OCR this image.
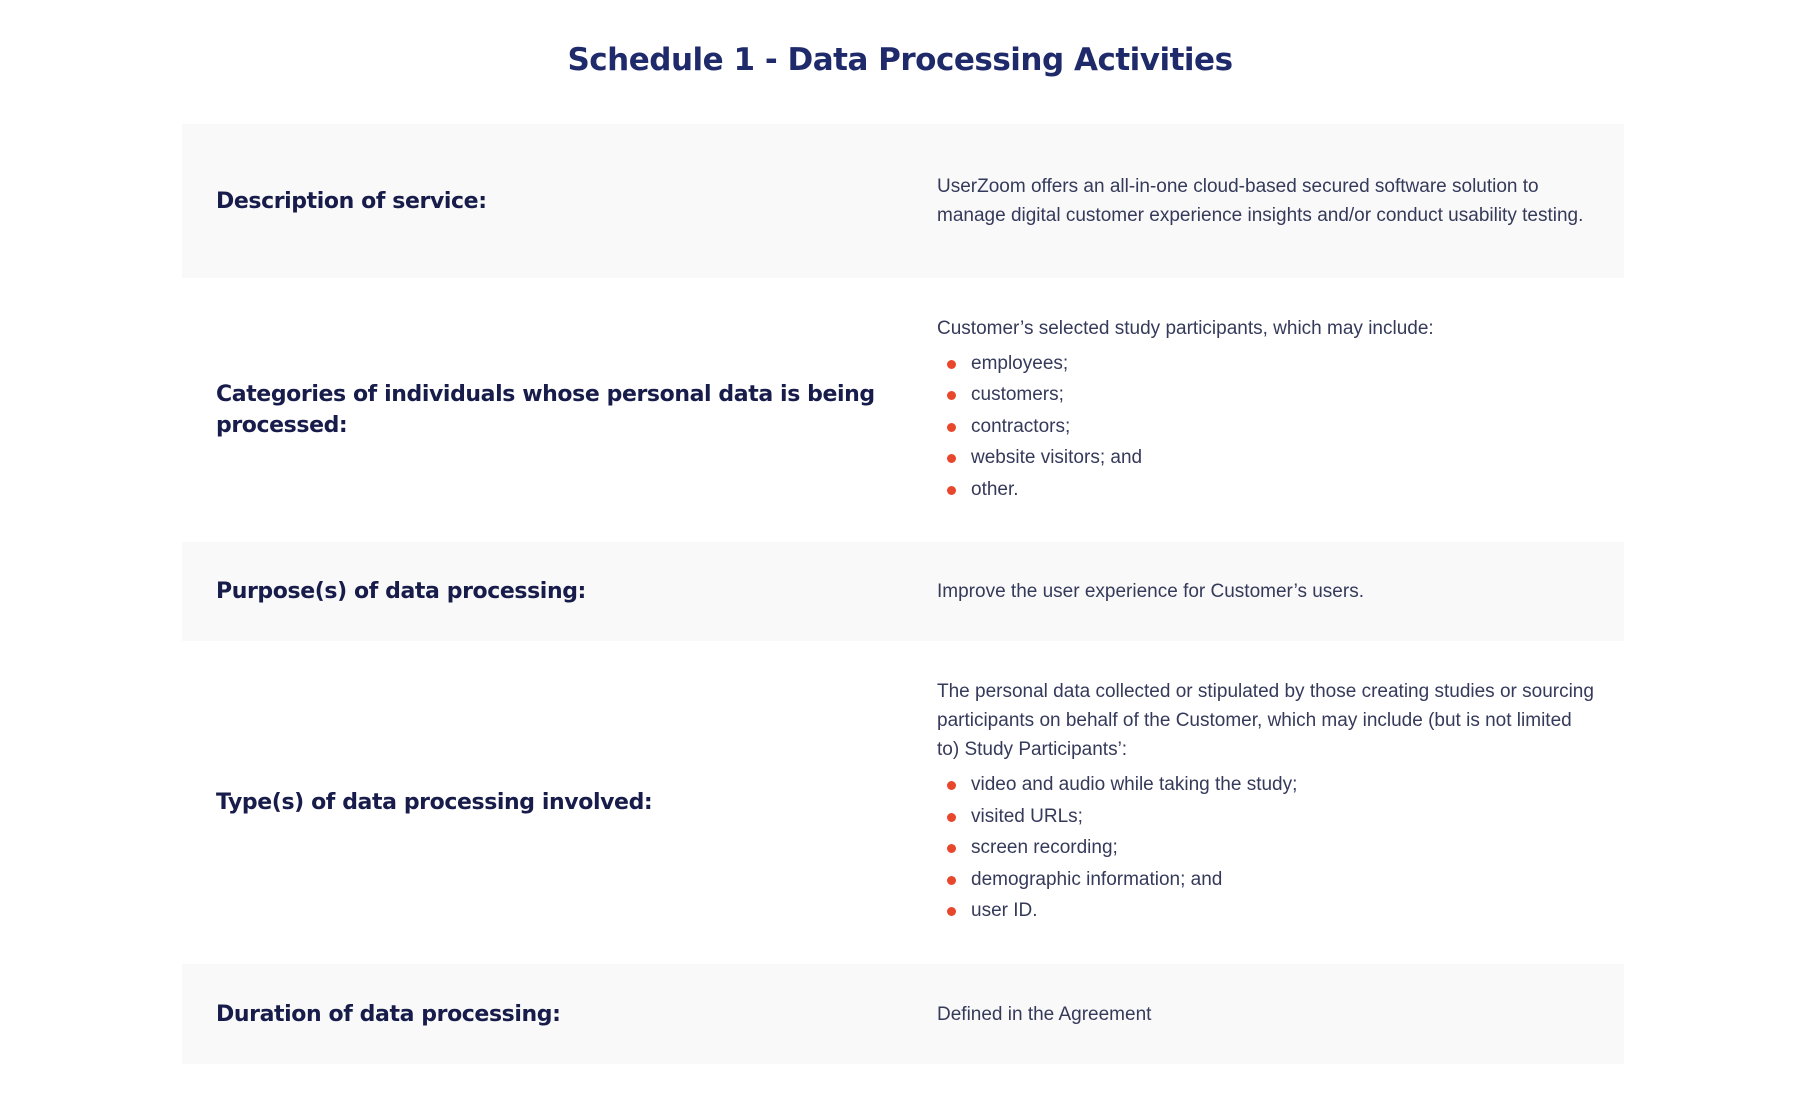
Schedule 1 - Data Processing Activities
Description of service:

UserZoom offers an all-in-one cloud-based secured software solution to manage digital customer experience insights and/or conduct usability testing.

Categories of individuals whose personal data is being processed:

Customer’s selected study participants, which may include:

employees;
customers;
contractors;
website visitors; and
other.
Purpose(s) of data processing:	Improve the user experience for Customer’s users.

Type(s) of data processing involved:

The personal data collected or stipulated by those creating studies or sourcing participants on behalf of the Customer, which may include (but is not limited to) Study Participants’:

video and audio while taking the study;
visited URLs;
screen recording;
demographic information; and
user ID.
Duration of data processing:	Defined in the Agreement
